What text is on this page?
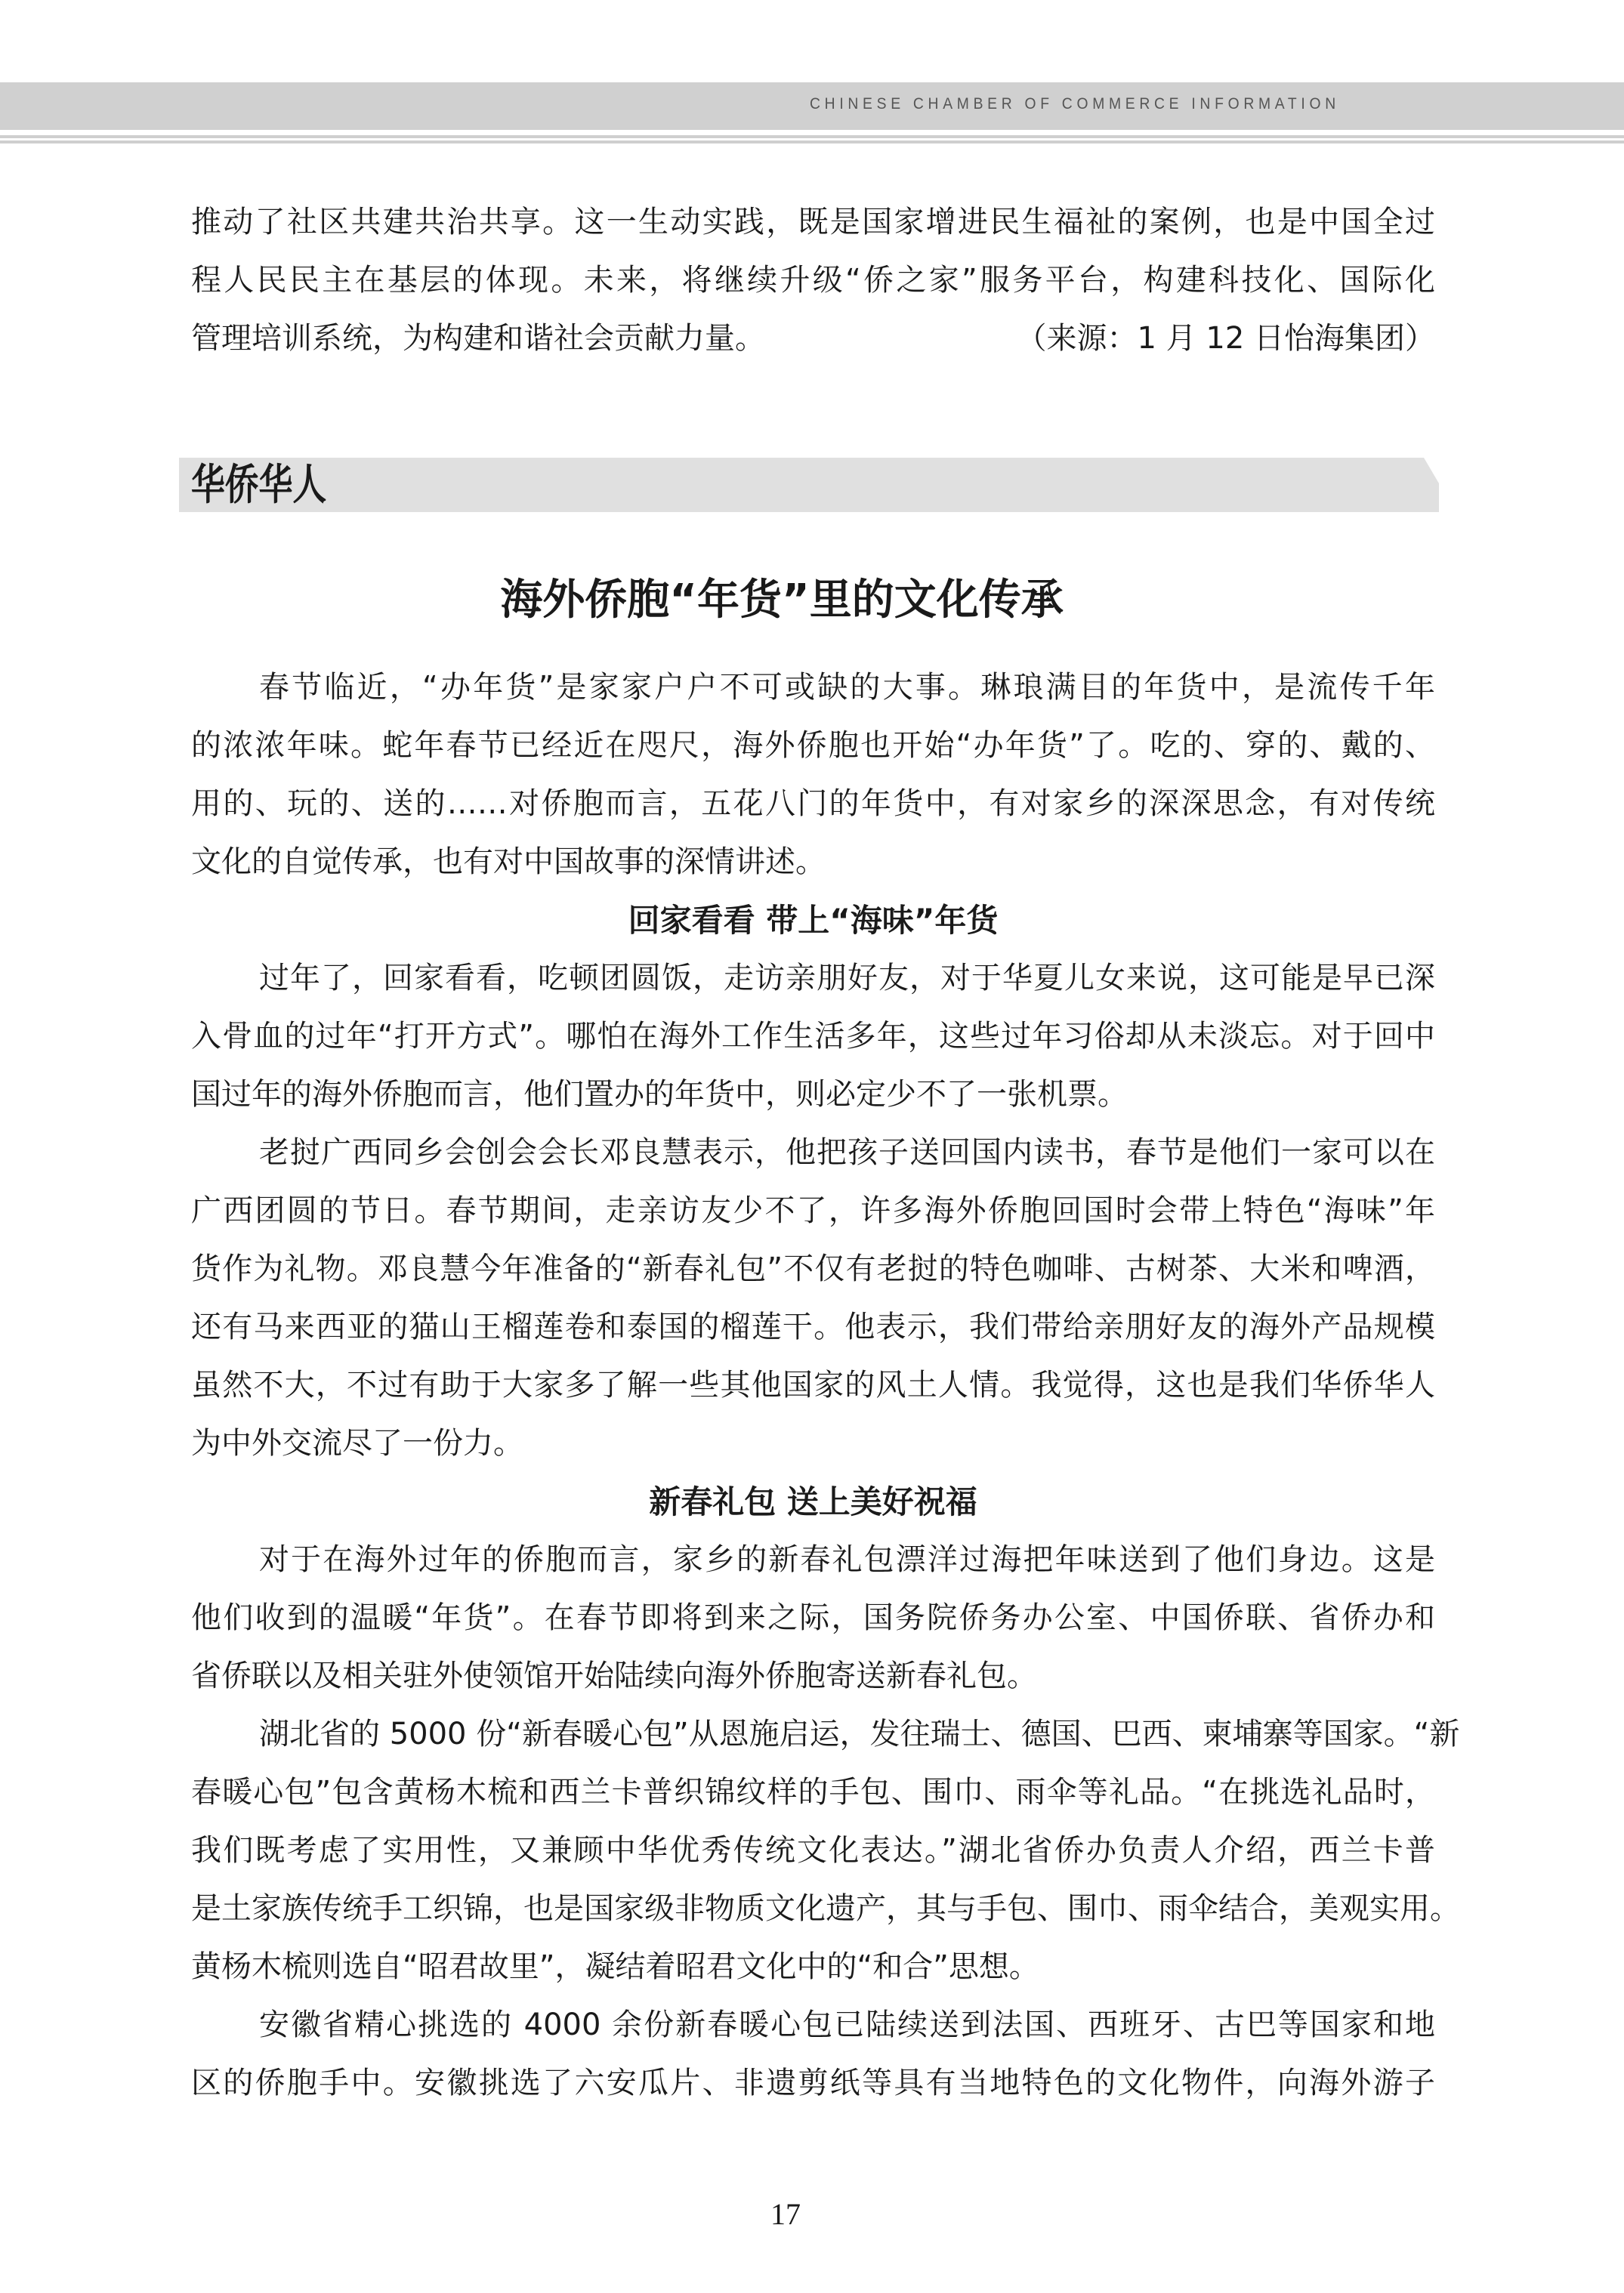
CHINESE CHAMBER OF COMMERCE INFORMATION
推动了社区共建共治共享。这一生动实践，既是国家增进民生福祉的案例，也是中国全过
程人民民主在基层的体现。未来，将继续升级“侨之家”服务平台，构建科技化、国际化
管理培训系统，为构建和谐社会贡献力量。	（来源：1 月 12 日怡海集团）
华侨华人
海外侨胞“年货”里的文化传承
春节临近，“办年货”是家家户户不可或缺的大事。琳琅满目的年货中，是流传千年
的浓浓年味。蛇年春节已经近在咫尺，海外侨胞也开始“办年货”了。吃的、穿的、戴的、
用的、玩的、送的……对侨胞而言，五花八门的年货中，有对家乡的深深思念，有对传统
文化的自觉传承，也有对中国故事的深情讲述。
回家看看 带上“海味”年货
过年了，回家看看，吃顿团圆饭，走访亲朋好友，对于华夏儿女来说，这可能是早已深
入骨血的过年“打开方式”。哪怕在海外工作生活多年，这些过年习俗却从未淡忘。对于回中
国过年的海外侨胞而言，他们置办的年货中，则必定少不了一张机票。
老挝广西同乡会创会会长邓良慧表示，他把孩子送回国内读书，春节是他们一家可以在
广西团圆的节日。春节期间，走亲访友少不了，许多海外侨胞回国时会带上特色“海味”年
货作为礼物。邓良慧今年准备的“新春礼包”不仅有老挝的特色咖啡、古树茶、大米和啤酒，
还有马来西亚的猫山王榴莲卷和泰国的榴莲干。他表示，我们带给亲朋好友的海外产品规模
虽然不大，不过有助于大家多了解一些其他国家的风土人情。我觉得，这也是我们华侨华人
为中外交流尽了一份力。
新春礼包 送上美好祝福
对于在海外过年的侨胞而言，家乡的新春礼包漂洋过海把年味送到了他们身边。这是
他们收到的温暖“年货”。在春节即将到来之际，国务院侨务办公室、中国侨联、省侨办和
省侨联以及相关驻外使领馆开始陆续向海外侨胞寄送新春礼包。
湖北省的 5000 份“新春暖心包”从恩施启运，发往瑞士、德国、巴西、柬埔寨等国家。“新
春暖心包”包含黄杨木梳和西兰卡普织锦纹样的手包、围巾、雨伞等礼品。“在挑选礼品时，
我们既考虑了实用性，又兼顾中华优秀传统文化表达。”湖北省侨办负责人介绍，西兰卡普
是土家族传统手工织锦，也是国家级非物质文化遗产，其与手包、围巾、雨伞结合，美观实用。
黄杨木梳则选自“昭君故里”，凝结着昭君文化中的“和合”思想。
安徽省精心挑选的 4000 余份新春暖心包已陆续送到法国、西班牙、古巴等国家和地
区的侨胞手中。安徽挑选了六安瓜片、非遗剪纸等具有当地特色的文化物件，向海外游子
17
